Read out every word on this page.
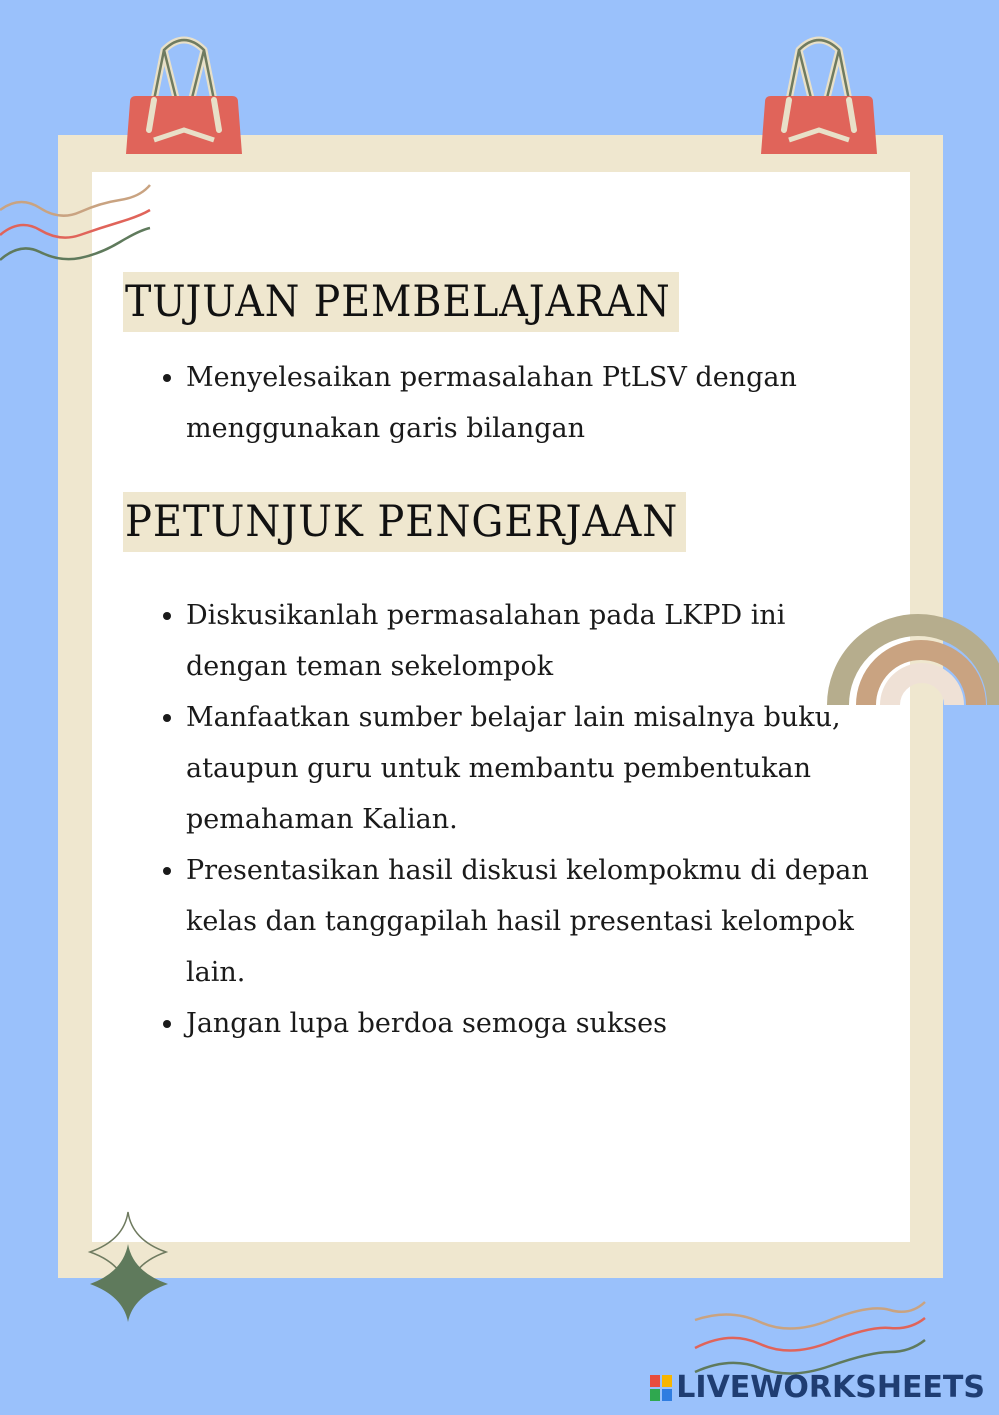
TUJUAN PEMBELAJARAN
• Menyelesaikan permasalahan PtLSV dengan menggunakan garis bilangan
PETUNJUK PENGERJAAN
• Diskusikanlah permasalahan pada LKPD ini dengan teman sekelompok
• Manfaatkan sumber belajar lain misalnya buku, ataupun guru untuk membantu pembentukan pemahaman Kalian.
• Presentasikan hasil diskusi kelompokmu di depan kelas dan tanggapilah hasil presentasi kelompok lain.
• Jangan lupa berdoa semoga sukses
LIVEWORKSHEETS
